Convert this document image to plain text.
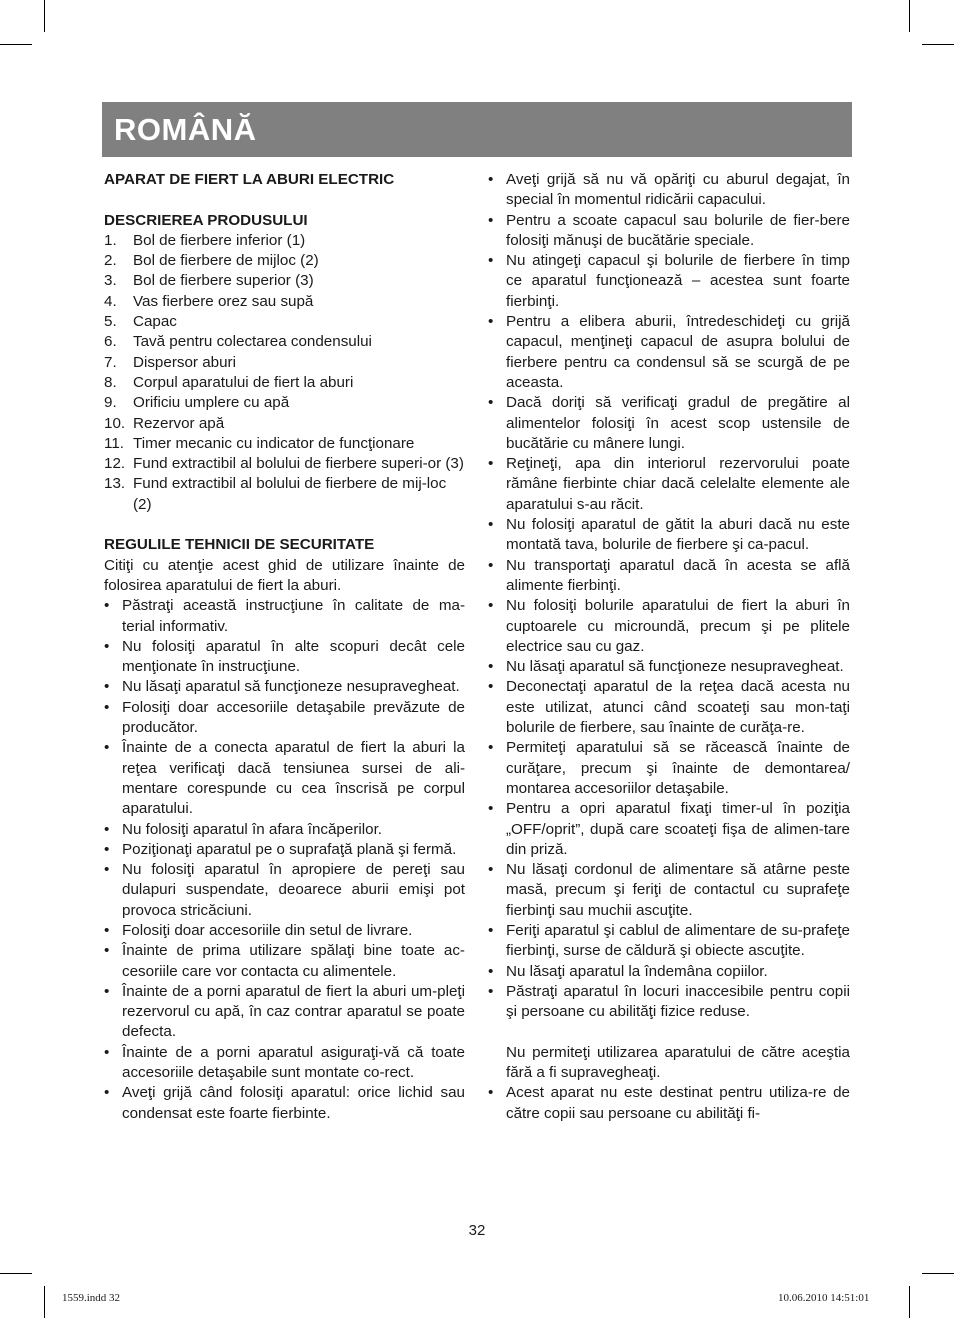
ROMÂNĂ
APARAT DE FIERT LA ABURI ELECTRIC
DESCRIEREA PRODUSULUI
1.	Bol de fierbere inferior (1)
2.	Bol de fierbere de mijloc (2)
3.	Bol de fierbere superior (3)
4.	Vas fierbere orez sau supă
5.	Capac
6.	Tavă pentru colectarea condensului
7.	Dispersor aburi
8.	Corpul aparatului de fiert la aburi
9.	Orificiu umplere cu apă
10. Rezervor apă
11. Timer mecanic cu indicator de funcţionare
12. Fund extractibil al bolului de fierbere superi-or (3)
13. Fund extractibil al bolului de fierbere de mij-loc (2)
REGULILE TEHNICII DE SECURITATE
Citiţi cu atenţie acest ghid de utilizare înainte de folosirea aparatului de fiert la aburi.
• Păstraţi această instrucţiune în calitate de ma-terial informativ.
• Nu folosiţi aparatul în alte scopuri decât cele menţionate în instrucţiune.
• Nu lăsaţi aparatul să funcţioneze nesupravegheat.
• Folosiţi doar accesoriile detaşabile prevăzute de producător.
• Înainte de a conecta aparatul de fiert la aburi la reţea verificaţi dacă tensiunea sursei de ali-mentare corespunde cu cea înscrisă pe corpul aparatului.
• Nu folosiţi aparatul în afara încăperilor.
• Poziţionaţi aparatul pe o suprafaţă plană şi fermă.
• Nu folosiţi aparatul în apropiere de pereţi sau dulapuri suspendate, deoarece aburii emişi pot provoca stricăciuni.
• Folosiţi doar accesoriile din setul de livrare.
• Înainte de prima utilizare spălaţi bine toate ac-cesoriile care vor contacta cu alimentele.
• Înainte de a porni aparatul de fiert la aburi um-pleţi rezervorul cu apă, în caz contrar aparatul se poate defecta.
• Înainte de a porni aparatul asiguraţi-vă că toate accesoriile detaşabile sunt montate co-rect.
• Aveţi grijă când folosiţi aparatul: orice lichid sau condensat este foarte fierbinte.
• Aveţi grijă să nu vă opăriţi cu aburul degajat, în special în momentul ridicării capacului.
• Pentru a scoate capacul sau bolurile de fier-bere folosiţi mănuşi de bucătărie speciale.
• Nu atingeţi capacul şi bolurile de fierbere în timp ce aparatul funcţionează – acestea sunt foarte fierbinţi.
• Pentru a elibera aburii, întredeschideţi cu grijă capacul, menţineţi capacul de asupra bolului de fierbere pentru ca condensul să se scurgă de pe aceasta.
• Dacă doriţi să verificaţi gradul de pregătire al alimentelor folosiţi în acest scop ustensile de bucătărie cu mânere lungi.
• Reţineţi, apa din interiorul rezervorului poate rămâne fierbinte chiar dacă celelalte elemente ale aparatului s-au răcit.
• Nu folosiţi aparatul de gătit la aburi dacă nu este montată tava, bolurile de fierbere şi ca-pacul.
• Nu transportaţi aparatul dacă în acesta se află alimente fierbinţi.
• Nu folosiţi bolurile aparatului de fiert la aburi în cuptoarele cu microundă, precum şi pe plitele electrice sau cu gaz.
• Nu lăsaţi aparatul să funcţioneze nesupravegheat.
• Deconectaţi aparatul de la reţea dacă acesta nu este utilizat, atunci când scoateţi sau mon-taţi bolurile de fierbere, sau înainte de curăţa-re.
• Permiteţi aparatului să se răcească înainte de curăţare, precum şi înainte de demontarea/ montarea accesoriilor detaşabile.
• Pentru a opri aparatul fixaţi timer-ul în poziţia „OFF/oprit”, după care scoateţi fişa de alimen-tare din priză.
• Nu lăsaţi cordonul de alimentare să atârne peste masă, precum şi feriţi de contactul cu suprafeţe fierbinţi sau muchii ascuţite.
• Feriţi aparatul şi cablul de alimentare de su-prafeţe fierbinţi, surse de căldură şi obiecte ascuţite.
• Nu lăsaţi aparatul la îndemâna copiilor.
• Păstraţi aparatul în locuri inaccesibile pentru copii şi persoane cu abilităţi fizice reduse.
Nu permiteţi utilizarea aparatului de către aceştia fără a fi supravegheaţi.
• Acest aparat nu este destinat pentru utiliza-re de către copii sau persoane cu abilităţi fi-
32
1559.indd 32	10.06.2010 14:51:01
